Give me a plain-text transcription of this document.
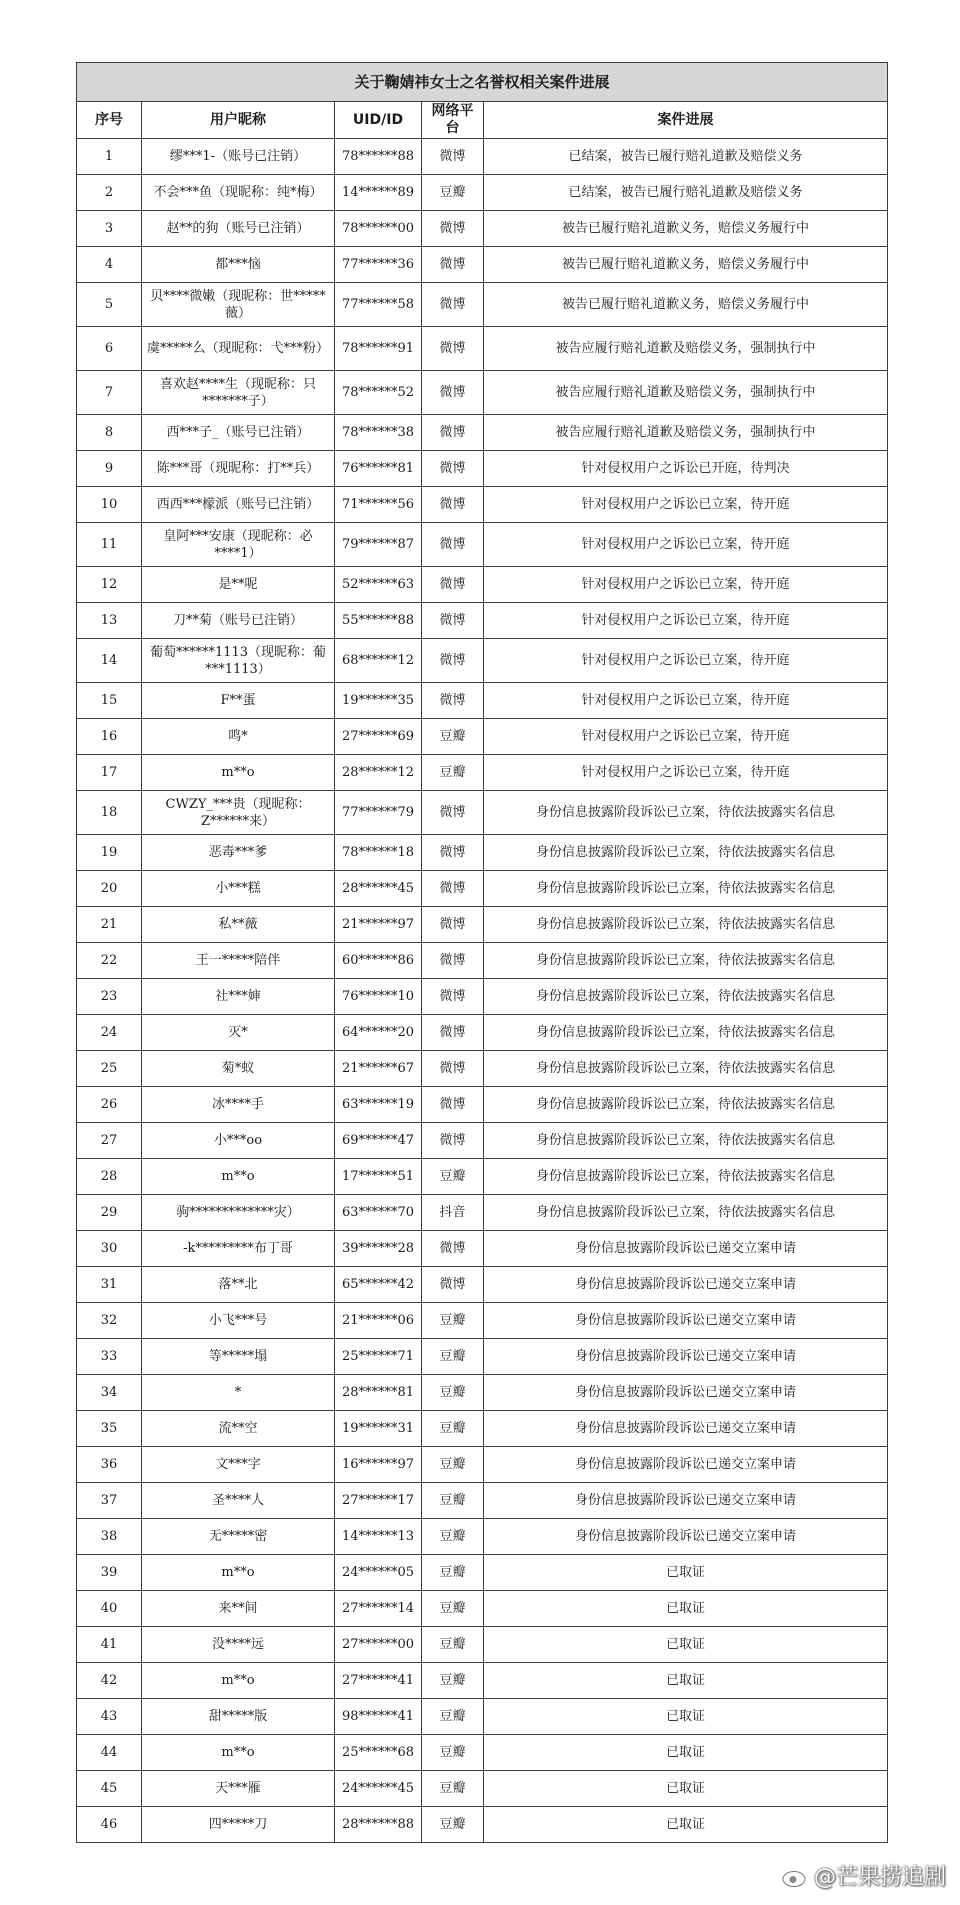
关于鞠婧祎女士之名誉权相关案件进展				
序号	用户昵称	UID/ID	网络平台	案件进展
1	缪***1-（账号已注销）	78******88	微博	已结案，被告已履行赔礼道歉及赔偿义务
2	不会***鱼（现昵称：纯*梅）	14******89	豆瓣	已结案，被告已履行赔礼道歉及赔偿义务
3	赵**的狗（账号已注销）	78******00	微博	被告已履行赔礼道歉义务，赔偿义务履行中
4	都***恼	77******36	微博	被告已履行赔礼道歉义务，赔偿义务履行中
5	贝****微嫩（现昵称：世*****薇）	77******58	微博	被告已履行赔礼道歉义务，赔偿义务履行中
6	虞*****么（现昵称：弋***粉）	78******91	微博	被告应履行赔礼道歉及赔偿义务，强制执行中
7	喜欢赵****生（现昵称：只*******子）	78******52	微博	被告应履行赔礼道歉及赔偿义务，强制执行中
8	西***子_（账号已注销）	78******38	微博	被告应履行赔礼道歉及赔偿义务，强制执行中
9	陈***哥（现昵称：打**兵）	76******81	微博	针对侵权用户之诉讼已开庭，待判决
10	西西***檬派（账号已注销）	71******56	微博	针对侵权用户之诉讼已立案，待开庭
11	皇阿***安康（现昵称：必****1）	79******87	微博	针对侵权用户之诉讼已立案，待开庭
12	是**呢	52******63	微博	针对侵权用户之诉讼已立案，待开庭
13	刀**菊（账号已注销）	55******88	微博	针对侵权用户之诉讼已立案，待开庭
14	葡萄******1113（现昵称：葡***1113）	68******12	微博	针对侵权用户之诉讼已立案，待开庭
15	F**蛋	19******35	微博	针对侵权用户之诉讼已立案，待开庭
16	鸣*	27******69	豆瓣	针对侵权用户之诉讼已立案，待开庭
17	m**o	28******12	豆瓣	针对侵权用户之诉讼已立案，待开庭
18	CWZY_***贵（现昵称：Z******来）	77******79	微博	身份信息披露阶段诉讼已立案，待依法披露实名信息
19	恶毒***爹	78******18	微博	身份信息披露阶段诉讼已立案，待依法披露实名信息
20	小***糕	28******45	微博	身份信息披露阶段诉讼已立案，待依法披露实名信息
21	私**薇	21******97	微博	身份信息披露阶段诉讼已立案，待依法披露实名信息
22	王一*****陪伴	60******86	微博	身份信息披露阶段诉讼已立案，待依法披露实名信息
23	社***婶	76******10	微博	身份信息披露阶段诉讼已立案，待依法披露实名信息
24	灭*	64******20	微博	身份信息披露阶段诉讼已立案，待依法披露实名信息
25	菊*蚁	21******67	微博	身份信息披露阶段诉讼已立案，待依法披露实名信息
26	冰****手	63******19	微博	身份信息披露阶段诉讼已立案，待依法披露实名信息
27	小***oo	69******47	微博	身份信息披露阶段诉讼已立案，待依法披露实名信息
28	m**o	17******51	豆瓣	身份信息披露阶段诉讼已立案，待依法披露实名信息
29	驹*************灾）	63******70	抖音	身份信息披露阶段诉讼已立案，待依法披露实名信息
30	-k*********布丁哥	39******28	微博	身份信息披露阶段诉讼已递交立案申请
31	落**北	65******42	微博	身份信息披露阶段诉讼已递交立案申请
32	小飞***号	21******06	豆瓣	身份信息披露阶段诉讼已递交立案申请
33	等*****塌	25******71	豆瓣	身份信息披露阶段诉讼已递交立案申请
34	*	28******81	豆瓣	身份信息披露阶段诉讼已递交立案申请
35	流**空	19******31	豆瓣	身份信息披露阶段诉讼已递交立案申请
36	文***字	16******97	豆瓣	身份信息披露阶段诉讼已递交立案申请
37	圣****人	27******17	豆瓣	身份信息披露阶段诉讼已递交立案申请
38	无*****密	14******13	豆瓣	身份信息披露阶段诉讼已递交立案申请
39	m**o	24******05	豆瓣	已取证
40	来**间	27******14	豆瓣	已取证
41	没****远	27******00	豆瓣	已取证
42	m**o	27******41	豆瓣	已取证
43	甜*****版	98******41	豆瓣	已取证
44	m**o	25******68	豆瓣	已取证
45	天***雁	24******45	豆瓣	已取证
46	四*****刀	28******88	豆瓣	已取证
@芒果捞追剧
